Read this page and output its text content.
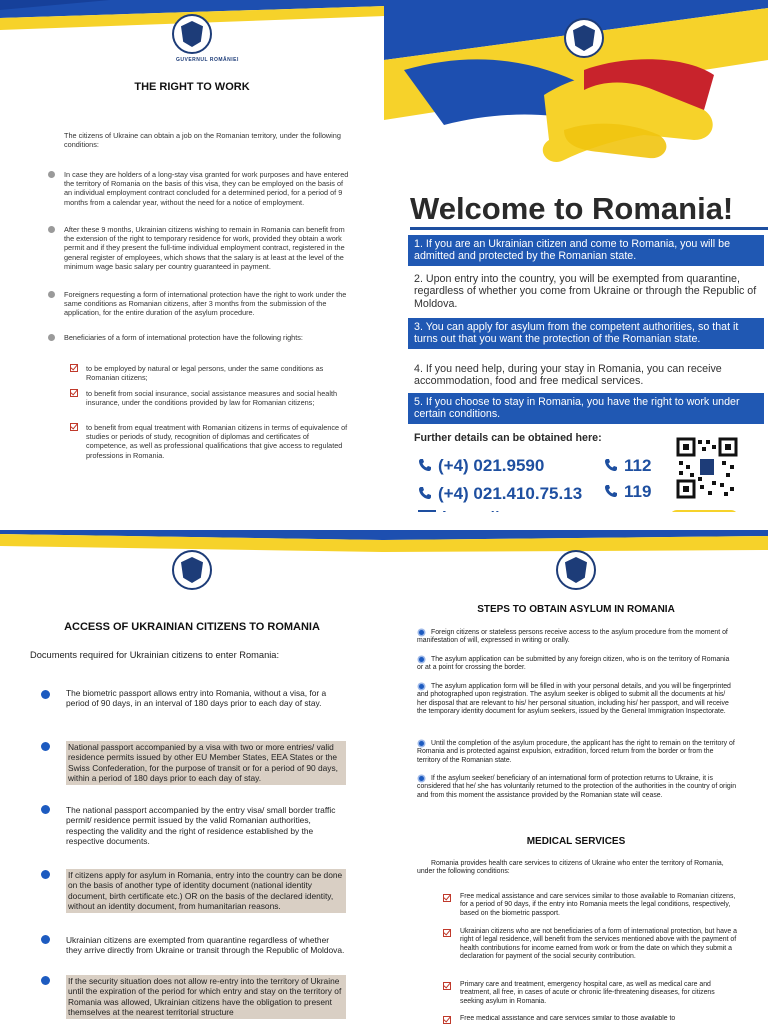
GUVERNUL ROMÂNIEI
THE RIGHT TO WORK

The citizens of Ukraine can obtain a job on the Romanian territory, under the following conditions:

In case they are holders of a long-stay visa granted for work purposes and have entered the territory of Romania on the basis of this visa, they can be employed on the basis of an individual employment contract concluded for a determined period, for a period of 9 months from a calendar year, without the need for a notice of employment.

After these 9 months, Ukrainian citizens wishing to remain in Romania can benefit from the extension of the right to temporary residence for work, provided they obtain a work permit and if they present the full-time individual employment contract, registered in the general register of employees, which shows that the salary is at least at the level of the minimum wage basic salary per country guaranteed in payment.

Foreigners requesting a form of international protection have the right to work under the same conditions as Romanian citizens, after 3 months from the submission of the application, for the entire duration of the asylum procedure.

Beneficiaries of a form of international protection have the following rights:

to be employed by natural or legal persons, under the same conditions as Romanian citizens;

to benefit from social insurance, social assistance measures and social health insurance, under the conditions provided by law for Romanian citizens;

to benefit from equal treatment with Romanian citizens in terms of equivalence of studies or periods of study, recognition of diplomas and certificates of competence, as well as professional qualifications that give access to regulated professions in Romania.

Welcome to Romania!
1. If you are an Ukrainian citizen and come to Romania, you will be admitted and protected by the Romanian state.
2. Upon entry into the country, you will be exempted from quarantine, regardless of whether you come from Ukraine or through the Republic of Moldova.
3. You can apply for asylum from the competent authorities, so that it turns out that you want the protection of the Romanian state.
4. If you need help, during your stay in Romania, you can receive accommodation, food and free medical services.
5. If you choose to stay in Romania, you have the right to work under certain conditions.
Further details can be obtained here:
(+4) 021.9590
(+4) 021.410.75.13
112
119
ACCESS OF UKRAINIAN CITIZENS TO ROMANIA

Documents required for Ukrainian citizens to enter Romania:

The biometric passport allows entry into Romania, without a visa, for a period of 90 days, in an interval of 180 days prior to each day of stay.

National passport accompanied by a visa with two or more entries/ valid residence permits issued by other EU Member States, EEA States or the Swiss Confederation, for the purpose of transit or for a period of 90 days, within a period of 180 days prior to each day of stay.

The national passport accompanied by the entry visa/ small border traffic permit/ residence permit issued by the valid Romanian authorities, respecting the validity and the right of residence established by the respective documents.

If citizens apply for asylum in Romania, entry into the country can be done on the basis of another type of identity document (national identity document, birth certificate etc.) OR on the basis of the declared identity, without an identity document, from humanitarian reasons.

Ukrainian citizens are exempted from quarantine regardless of whether they arrive directly from Ukraine or transit through the Republic of Moldova.

If the security situation does not allow re-entry into the territory of Ukraine until the expiration of the period for which entry and stay on the territory of Romania was allowed, Ukrainian citizens have the obligation to present themselves at the nearest territorial structure

STEPS TO OBTAIN ASYLUM IN ROMANIA

Foreign citizens or stateless persons receive access to the asylum procedure from the moment of manifestation of will, expressed in writing or orally.

The asylum application can be submitted by any foreign citizen, who is on the territory of Romania or at a point for crossing the border.

The asylum application form will be filled in with your personal details, and you will be fingerprinted and photographed upon registration. The asylum seeker is obliged to submit all the documents at his/ her disposal that are relevant to his/ her personal situation, including his/ her passport, and will receive the temporary identity document for asylum seekers, issued by the General Immigration Inspectorate.

Until the completion of the asylum procedure, the applicant has the right to remain on the territory of Romania and is protected against expulsion, extradition, forced return from the border or from the territory of the Romanian state.

If the asylum seeker/ beneficiary of an international form of protection returns to Ukraine, it is considered that he/ she has voluntarily returned to the protection of the authorities in the country of origin and from this moment the assistance provided by the Romanian state will cease.

MEDICAL SERVICES

Romania provides health care services to citizens of Ukraine who enter the territory of Romania, under the following conditions:

Free medical assistance and care services similar to those available to Romanian citizens, for a period of 90 days, if the entry into Romania meets the legal conditions, respectively, based on the biometric passport.

Ukrainian citizens who are not beneficiaries of a form of international protection, but have a right of legal residence, will benefit from the services mentioned above with the payment of health contributions for income earned from work or from the date on which they submit a declaration for payment of the social security contribution.

Primary care and treatment, emergency hospital care, as well as medical care and treatment, all free, in cases of acute or chronic life-threatening diseases, for citizens seeking asylum in Romania.

Free medical assistance and care services similar to those available to
